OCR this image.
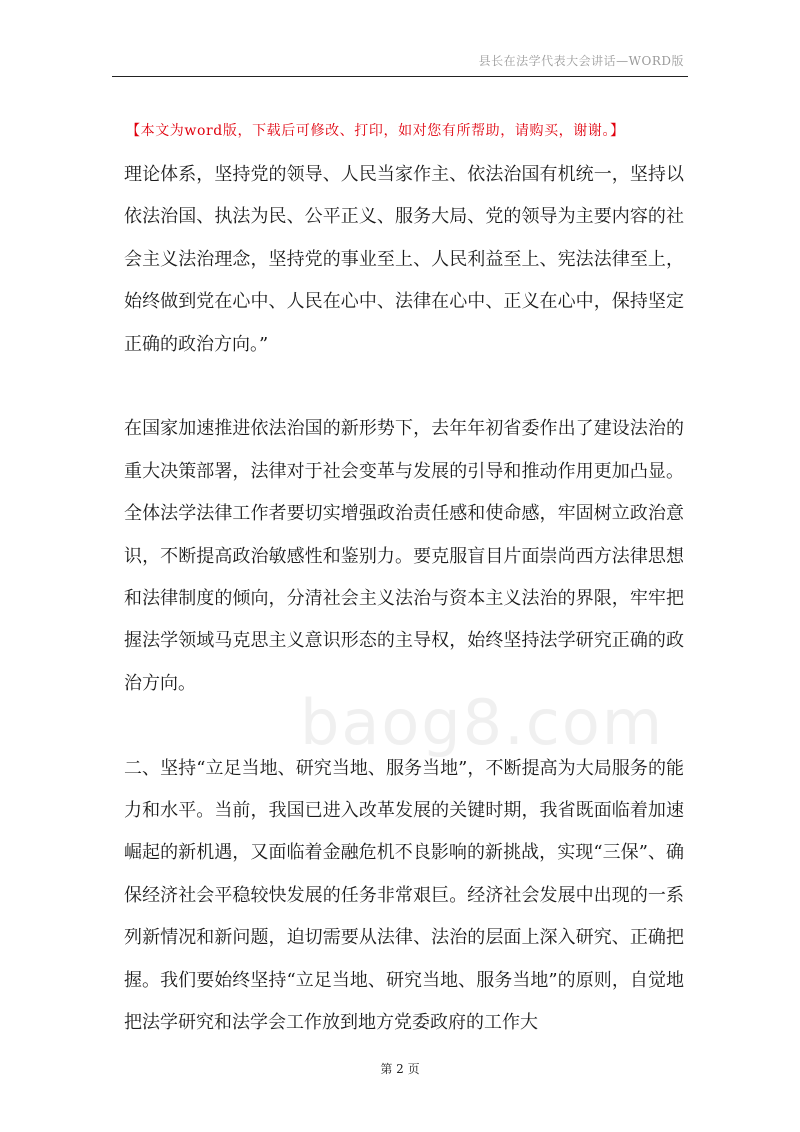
县长在法学代表大会讲话—WORD版
【本文为word版，下载后可修改、打印，如对您有所帮助，请购买，谢谢。】

理论体系，坚持党的领导、人民当家作主、依法治国有机统一，坚持以依法治国、执法为民、公平正义、服务大局、党的领导为主要内容的社会主义法治理念，坚持党的事业至上、人民利益至上、宪法法律至上，始终做到党在心中、人民在心中、法律在心中、正义在心中，保持坚定正确的政治方向。”

在国家加速推进依法治国的新形势下，去年年初省委作出了建设法治的重大决策部署，法律对于社会变革与发展的引导和推动作用更加凸显。全体法学法律工作者要切实增强政治责任感和使命感，牢固树立政治意识，不断提高政治敏感性和鉴别力。要克服盲目片面崇尚西方法律思想和法律制度的倾向，分清社会主义法治与资本主义法治的界限，牢牢把握法学领域马克思主义意识形态的主导权，始终坚持法学研究正确的政治方向。

二、坚持“立足当地、研究当地、服务当地”，不断提高为大局服务的能力和水平。当前，我国已进入改革发展的关键时期，我省既面临着加速崛起的新机遇，又面临着金融危机不良影响的新挑战，实现“三保”、确保经济社会平稳较快发展的任务非常艰巨。经济社会发展中出现的一系列新情况和新问题，迫切需要从法律、法治的层面上深入研究、正确把握。我们要始终坚持“立足当地、研究当地、服务当地”的原则，自觉地把法学研究和法学会工作放到地方党委政府的工作大

baog8.com
第 2 页
